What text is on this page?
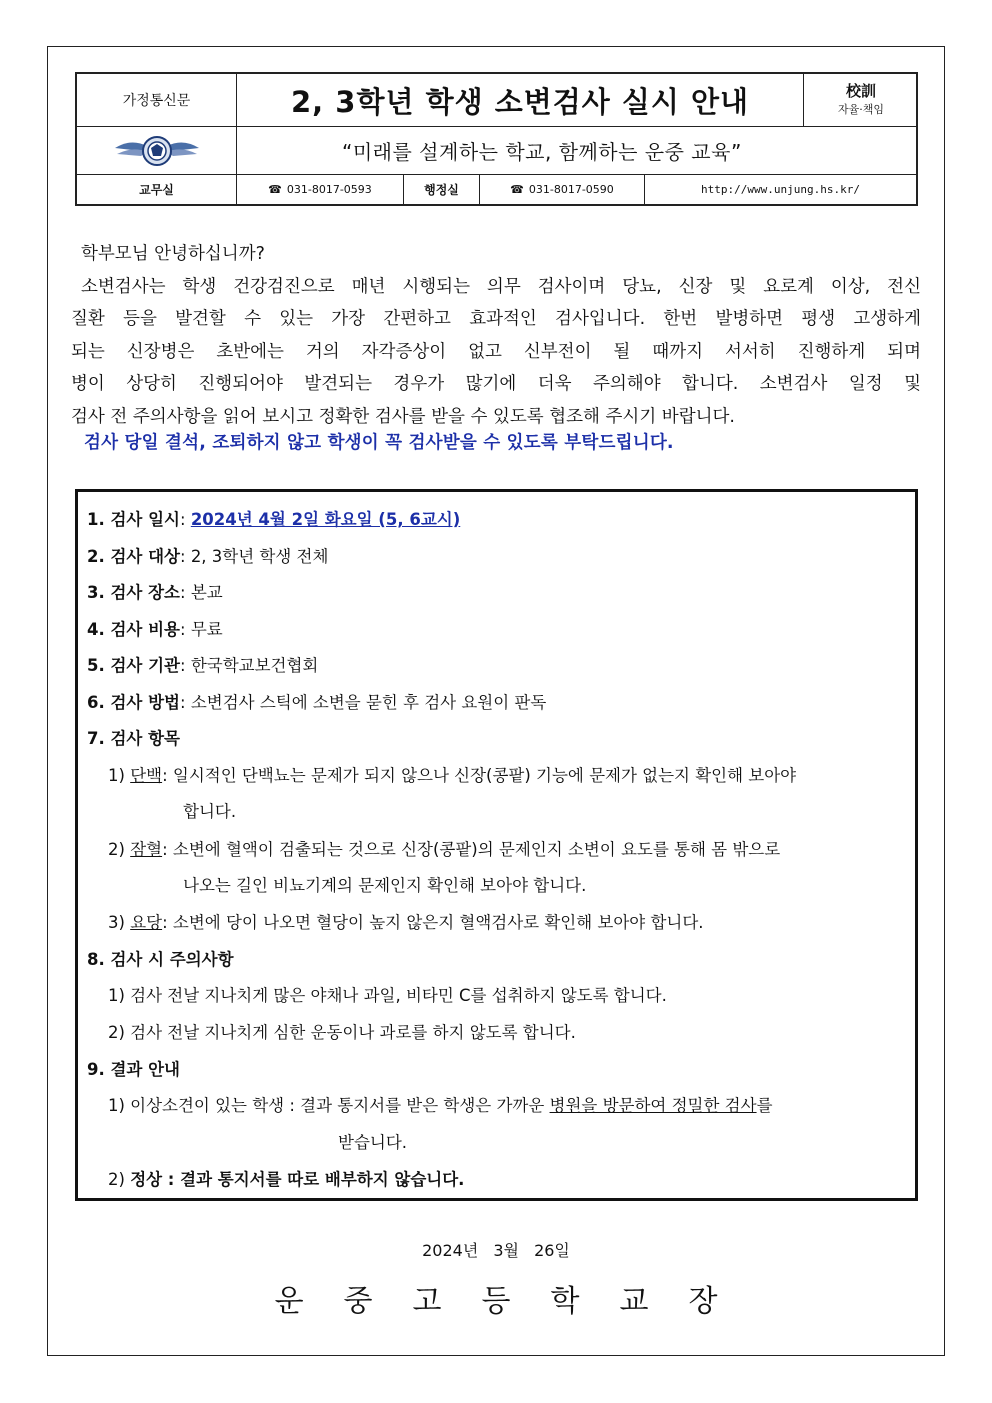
가정통신문	2, 3학년 학생 소변검사 실시 안내	校訓
자율·책임
“미래를 설계하는 학교, 함께하는 운중 교육”
교무실	☎ 031-8017-0593	행정실	☎ 031-8017-0590	http://www.unjung.hs.kr/

학부모님 안녕하십니까?

소변검사는 학생 건강검진으로 매년 시행되는 의무 검사이며 당뇨, 신장 및 요로계 이상, 전신

질환 등을 발견할 수 있는 가장 간편하고 효과적인 검사입니다. 한번 발병하면 평생 고생하게

되는 신장병은 초반에는 거의 자각증상이 없고 신부전이 될 때까지 서서히 진행하게 되며

병이 상당히 진행되어야 발견되는 경우가 많기에 더욱 주의해야 합니다. 소변검사 일정 및

검사 전 주의사항을 읽어 보시고 정확한 검사를 받을 수 있도록 협조해 주시기 바랍니다.

검사 당일 결석, 조퇴하지 않고 학생이 꼭 검사받을 수 있도록 부탁드립니다.
1. 검사 일시: 2024년 4월 2일 화요일 (5, 6교시)
2. 검사 대상: 2, 3학년 학생 전체
3. 검사 장소: 본교
4. 검사 비용: 무료
5. 검사 기관: 한국학교보건협회
6. 검사 방법: 소변검사 스틱에 소변을 묻힌 후 검사 요원이 판독
7. 검사 항목
1) 단백: 일시적인 단백뇨는 문제가 되지 않으나 신장(콩팥) 기능에 문제가 없는지 확인해 보아야
합니다.
2) 잠혈: 소변에 혈액이 검출되는 것으로 신장(콩팥)의 문제인지 소변이 요도를 통해 몸 밖으로
나오는 길인 비뇨기계의 문제인지 확인해 보아야 합니다.
3) 요당: 소변에 당이 나오면 혈당이 높지 않은지 혈액검사로 확인해 보아야 합니다.
8. 검사 시 주의사항
1) 검사 전날 지나치게 많은 야채나 과일, 비타민 C를 섭취하지 않도록 합니다.
2) 검사 전날 지나치게 심한 운동이나 과로를 하지 않도록 합니다.
9. 결과 안내
1) 이상소견이 있는 학생 : 결과 통지서를 받은 학생은 가까운 병원을 방문하여 정밀한 검사를
받습니다.
2) 정상 : 결과 통지서를 따로 배부하지 않습니다.
2024년 3월 26일
운중고등학교장
